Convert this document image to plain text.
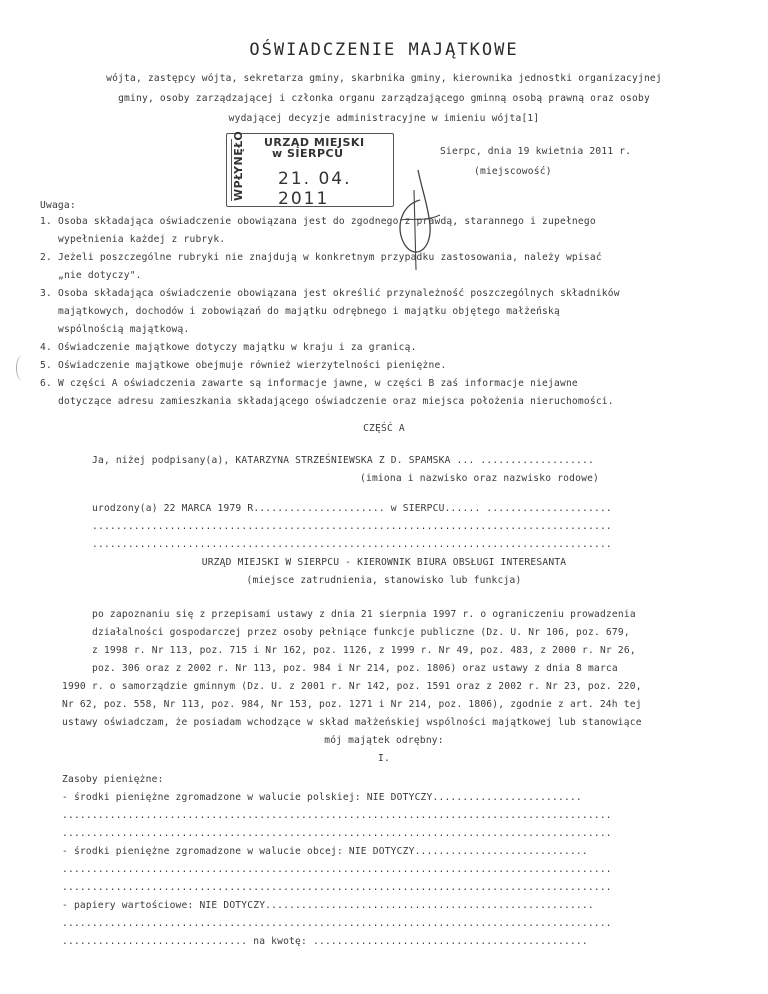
OŚWIADCZENIE MAJĄTKOWE
wójta, zastępcy wójta, sekretarza gminy, skarbnika gminy, kierownika jednostki organizacyjnej
gminy, osoby zarządzającej i członka organu zarządzającego gminną osobą prawną oraz osoby
wydającej decyzje administracyjne w imieniu wójta[1]
WPŁYNĘŁO URZĄD MIEJSKI
w SIERPCU
21. 04. 2011
Sierpc, dnia 19 kwietnia 2011 r.
(miejscowość)
Uwaga:
1. Osoba składająca oświadczenie obowiązana jest do zgodnego z prawdą, starannego i zupełnego
wypełnienia każdej z rubryk.
2. Jeżeli poszczególne rubryki nie znajdują w konkretnym przypadku zastosowania, należy wpisać
„nie dotyczy".
3. Osoba składająca oświadczenie obowiązana jest określić przynależność poszczególnych składników
majątkowych, dochodów i zobowiązań do majątku odrębnego i majątku objętego małżeńską
wspólnością majątkową.
4. Oświadczenie majątkowe dotyczy majątku w kraju i za granicą.
5. Oświadczenie majątkowe obejmuje również wierzytelności pieniężne.
6. W części A oświadczenia zawarte są informacje jawne, w części B zaś informacje niejawne
dotyczące adresu zamieszkania składającego oświadczenie oraz miejsca położenia nieruchomości.
CZĘŚĆ A
Ja, niżej podpisany(a), KATARZYNA STRZEŚNIEWSKA Z D. SPAMSKA ... ...................
(imiona i nazwisko oraz nazwisko rodowe)
urodzony(a) 22 MARCA 1979 R...................... w SIERPCU...... .....................
.......................................................................................
.......................................................................................
URZĄD MIEJSKI W SIERPCU - KIEROWNIK BIURA OBSŁUGI INTERESANTA
(miejsce zatrudnienia, stanowisko lub funkcja)
po zapoznaniu się z przepisami ustawy z dnia 21 sierpnia 1997 r. o ograniczeniu prowadzenia
działalności gospodarczej przez osoby pełniące funkcje publiczne (Dz. U. Nr 106, poz. 679,
z 1998 r. Nr 113, poz. 715 i Nr 162, poz. 1126, z 1999 r. Nr 49, poz. 483, z 2000 r. Nr 26,
poz. 306 oraz z 2002 r. Nr 113, poz. 984 i Nr 214, poz. 1806) oraz ustawy z dnia 8 marca
1990 r. o samorządzie gminnym (Dz. U. z 2001 r. Nr 142, poz. 1591 oraz z 2002 r. Nr 23, poz. 220,
Nr 62, poz. 558, Nr 113, poz. 984, Nr 153, poz. 1271 i Nr 214, poz. 1806), zgodnie z art. 24h tej
ustawy oświadczam, że posiadam wchodzące w skład małżeńskiej wspólności majątkowej lub stanowiące
mój majątek odrębny:
I.
Zasoby pieniężne:
- środki pieniężne zgromadzone w walucie polskiej: NIE DOTYCZY.........................
............................................................................................
............................................................................................
- środki pieniężne zgromadzone w walucie obcej: NIE DOTYCZY.............................
............................................................................................
............................................................................................
- papiery wartościowe: NIE DOTYCZY.......................................................
............................................................................................
............................... na kwotę: ..............................................
